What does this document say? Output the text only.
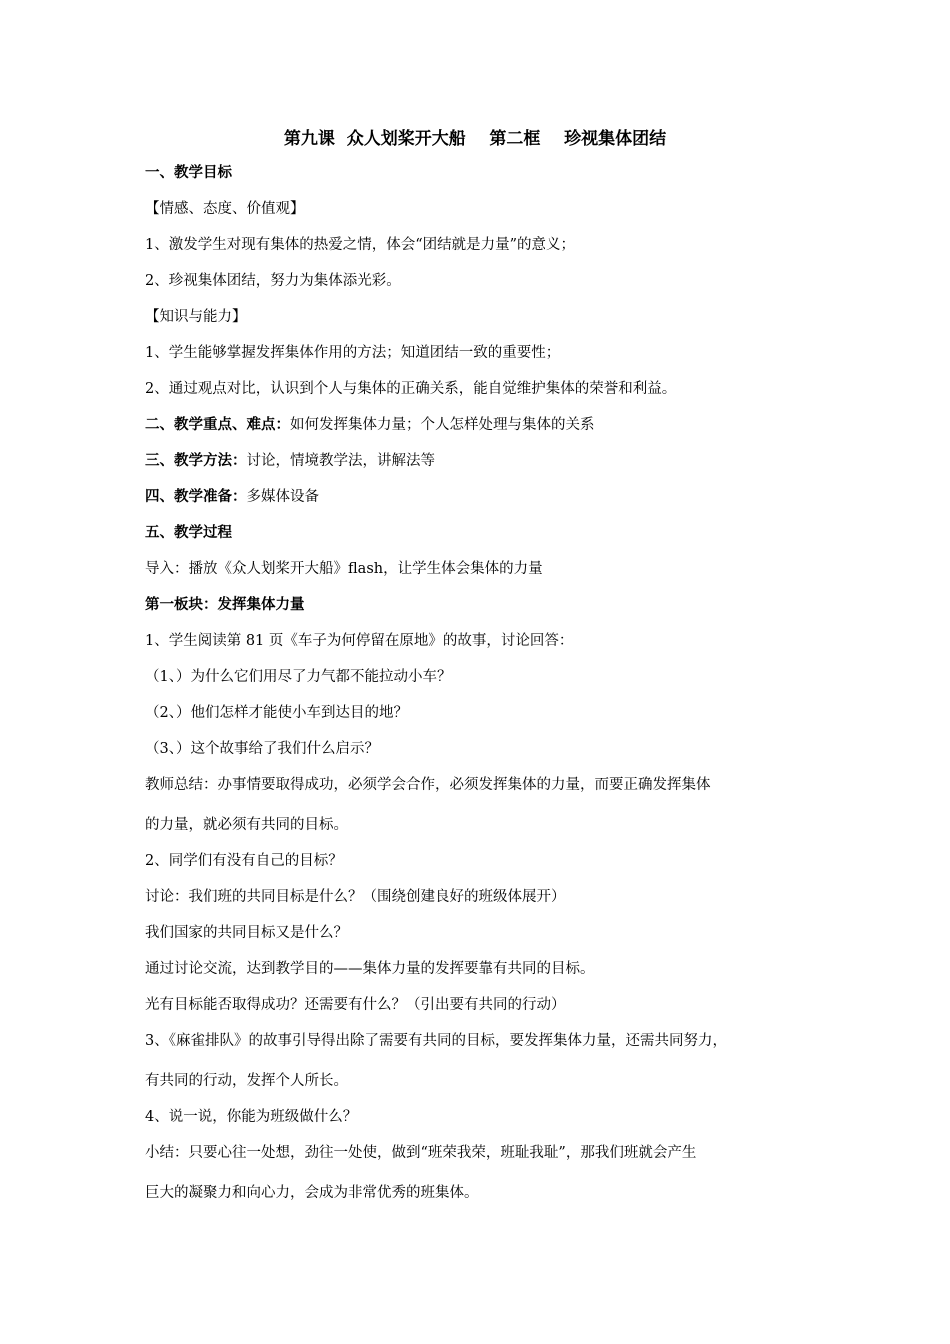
第九课  众人划桨开大船    第二框    珍视集体团结
一、教学目标
【情感、态度、价值观】
1、激发学生对现有集体的热爱之情，体会“团结就是力量”的意义；
2、珍视集体团结，努力为集体添光彩。
【知识与能力】
1、学生能够掌握发挥集体作用的方法；知道团结一致的重要性；
2、通过观点对比，认识到个人与集体的正确关系，能自觉维护集体的荣誉和利益。
二、教学重点、难点：如何发挥集体力量；个人怎样处理与集体的关系
三、教学方法：讨论，情境教学法，讲解法等
四、教学准备：多媒体设备
五、教学过程
导入：播放《众人划桨开大船》flash，让学生体会集体的力量
第一板块：发挥集体力量
1、学生阅读第 81 页《车子为何停留在原地》的故事，讨论回答：
（1、）为什么它们用尽了力气都不能拉动小车？
（2、）他们怎样才能使小车到达目的地？
（3、）这个故事给了我们什么启示？
教师总结：办事情要取得成功，必须学会合作，必须发挥集体的力量，而要正确发挥集体
的力量，就必须有共同的目标。
2、同学们有没有自己的目标？
讨论：我们班的共同目标是什么？（围绕创建良好的班级体展开）
我们国家的共同目标又是什么？
通过讨论交流，达到教学目的——集体力量的发挥要靠有共同的目标。
光有目标能否取得成功？还需要有什么？（引出要有共同的行动）
3、《麻雀排队》的故事引导得出除了需要有共同的目标，要发挥集体力量，还需共同努力，
有共同的行动，发挥个人所长。
4、说一说，你能为班级做什么？
小结：只要心往一处想，劲往一处使，做到“班荣我荣，班耻我耻”，那我们班就会产生
巨大的凝聚力和向心力，会成为非常优秀的班集体。
